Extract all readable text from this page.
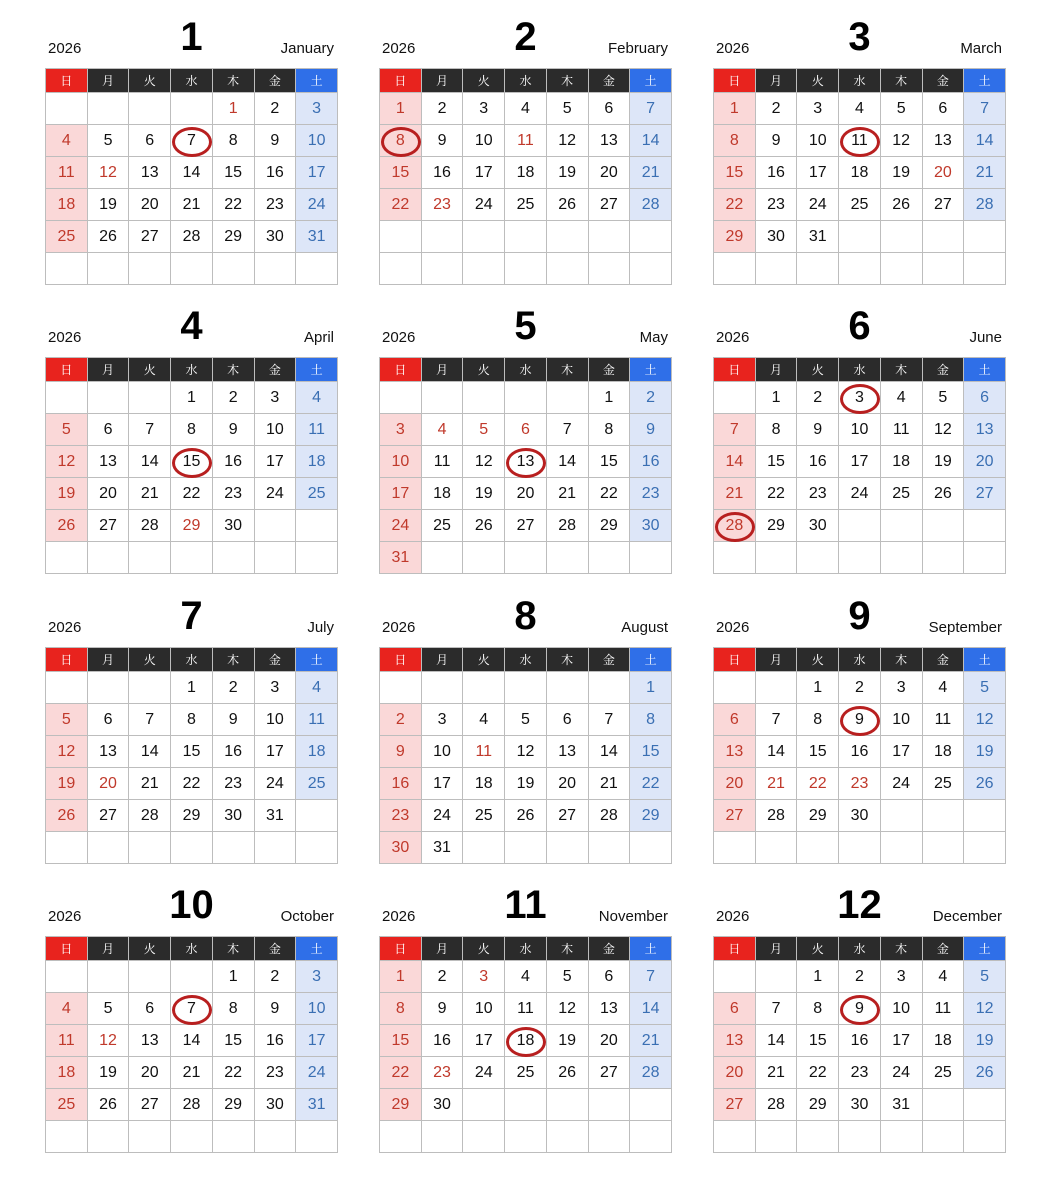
2026	1	January
日	月	火	水	木	金	土
				1	2	3
4	5	6	7	8	9	10
11	12	13	14	15	16	17
18	19	20	21	22	23	24
25	26	27	28	29	30	31

2026	2	February
日	月	火	水	木	金	土
1	2	3	4	5	6	7
8	9	10	11	12	13	14
15	16	17	18	19	20	21
22	23	24	25	26	27	28

2026	3	March
日	月	火	水	木	金	土
1	2	3	4	5	6	7
8	9	10	11	12	13	14
15	16	17	18	19	20	21
22	23	24	25	26	27	28
29	30	31				

2026	4	April
日	月	火	水	木	金	土
			1	2	3	4
5	6	7	8	9	10	11
12	13	14	15	16	17	18
19	20	21	22	23	24	25
26	27	28	29	30		

2026	5	May
日	月	火	水	木	金	土
					1	2
3	4	5	6	7	8	9
10	11	12	13	14	15	16
17	18	19	20	21	22	23
24	25	26	27	28	29	30
31						
2026	6	June
日	月	火	水	木	金	土
	1	2	3	4	5	6
7	8	9	10	11	12	13
14	15	16	17	18	19	20
21	22	23	24	25	26	27
28	29	30				

2026	7	July
日	月	火	水	木	金	土
			1	2	3	4
5	6	7	8	9	10	11
12	13	14	15	16	17	18
19	20	21	22	23	24	25
26	27	28	29	30	31	

2026	8	August
日	月	火	水	木	金	土
						1
2	3	4	5	6	7	8
9	10	11	12	13	14	15
16	17	18	19	20	21	22
23	24	25	26	27	28	29
30	31					
2026	9	September
日	月	火	水	木	金	土
		1	2	3	4	5
6	7	8	9	10	11	12
13	14	15	16	17	18	19
20	21	22	23	24	25	26
27	28	29	30			

2026	10	October
日	月	火	水	木	金	土
				1	2	3
4	5	6	7	8	9	10
11	12	13	14	15	16	17
18	19	20	21	22	23	24
25	26	27	28	29	30	31

2026	11	November
日	月	火	水	木	金	土
1	2	3	4	5	6	7
8	9	10	11	12	13	14
15	16	17	18	19	20	21
22	23	24	25	26	27	28
29	30					

2026	12	December
日	月	火	水	木	金	土
		1	2	3	4	5
6	7	8	9	10	11	12
13	14	15	16	17	18	19
20	21	22	23	24	25	26
27	28	29	30	31		
